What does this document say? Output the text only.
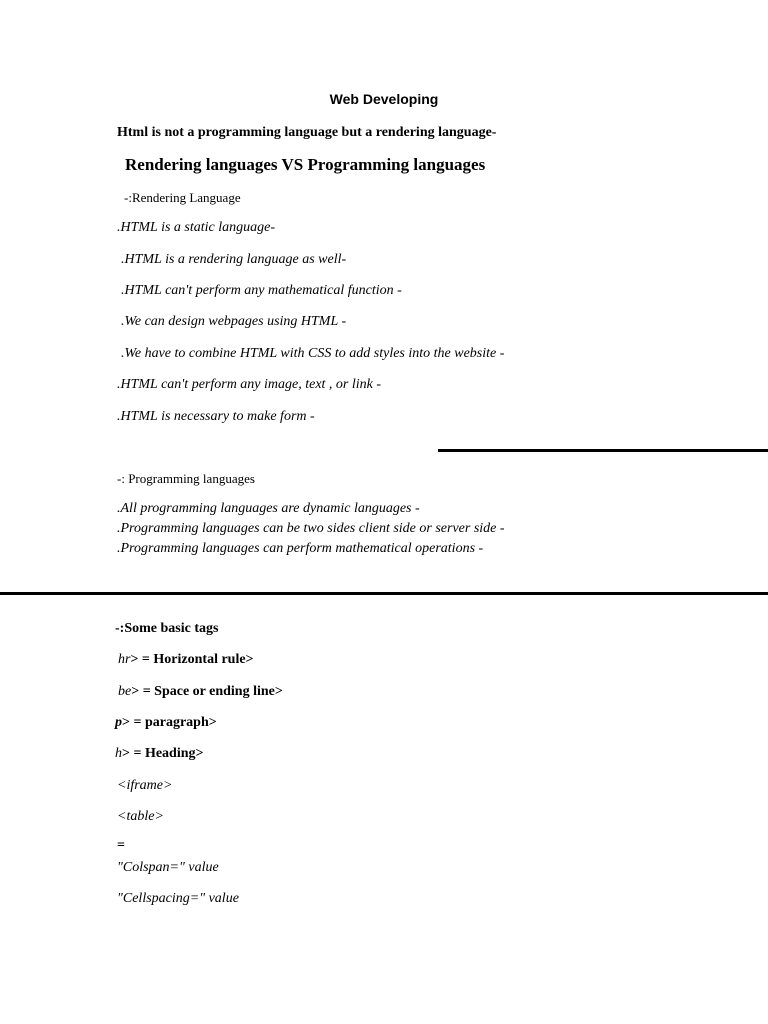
Web Developing
Html is not a programming language but a rendering language-
Rendering languages VS Programming languages
-:Rendering Language
.HTML is a static language-
.HTML is a rendering language as well-
.HTML can't perform any mathematical function -
.We can design webpages using HTML -
.We have to combine HTML with CSS to add styles into the website -
.HTML can't perform any image, text , or link -
.HTML is necessary to make form -
-: Programming languages
.All programming languages are dynamic languages -
.Programming languages can be two sides client side or server side -
.Programming languages can perform mathematical operations -
-:Some basic tags
hr> = Horizontal rule>
be> = Space or ending line>
p> = paragraph>
h> = Heading>
<iframe>
<table>
=
"Colspan=" value
"Cellspacing=" value
